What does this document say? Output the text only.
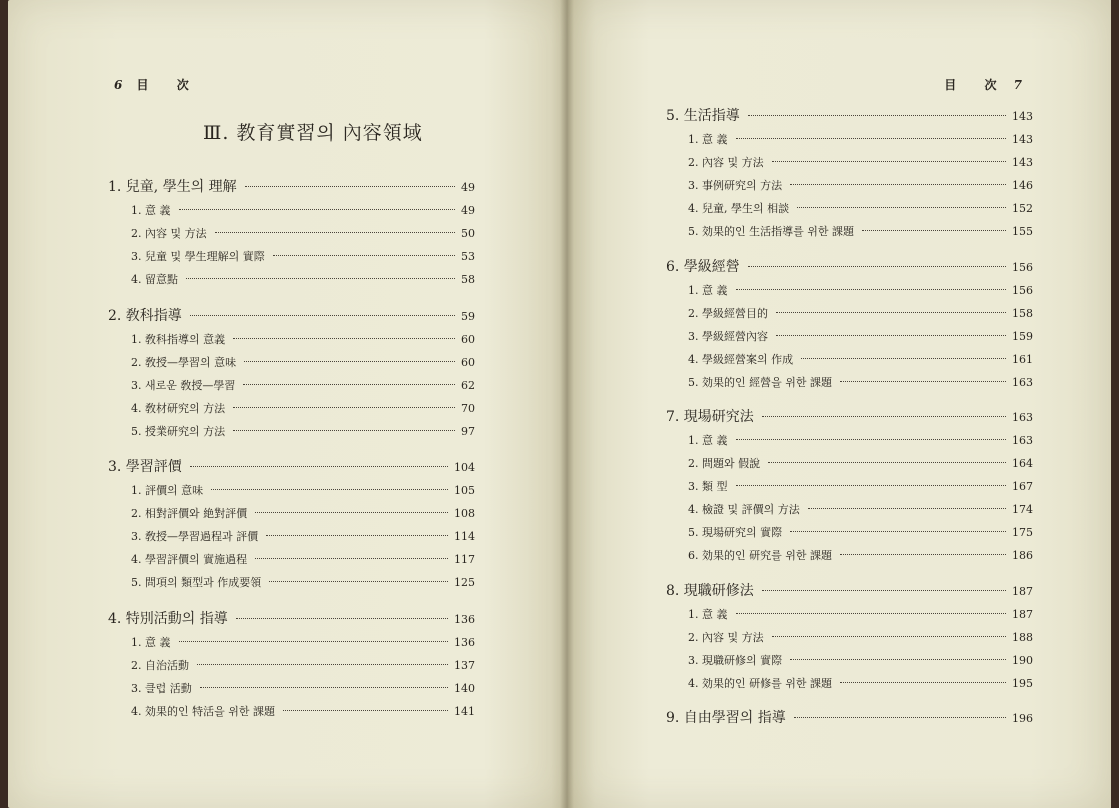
6 目 次
Ⅲ. 教育實習의 內容領域
1. 兒童, 學生의 理解	49
1. 意 義	49
2. 內容 및 方法	50
3. 兒童 및 學生理解의 實際	53
4. 留意點	58
2. 敎科指導	59
1. 敎科指導의 意義	60
2. 敎授—學習의 意味	60
3. 새로운 敎授—學習	62
4. 敎材研究의 方法	70
5. 授業研究의 方法	97
3. 學習評價	104
1. 評價의 意味	105
2. 相對評價와 絶對評價	108
3. 敎授—學習過程과 評價	114
4. 學習評價의 實施過程	117
5. 問項의 類型과 作成要領	125
4. 特別活動의 指導	136
1. 意 義	136
2. 自治活動	137
3. 클럽 活動	140
4. 効果的인 特活을 위한 課題	141
目 次 7
5. 生活指導	143
1. 意 義	143
2. 內容 및 方法	143
3. 事例研究의 方法	146
4. 兒童, 學生의 相談	152
5. 効果的인 生活指導를 위한 課題	155
6. 學級經營	156
1. 意 義	156
2. 學級經營目的	158
3. 學級經營內容	159
4. 學級經營案의 作成	161
5. 効果的인 經營을 위한 課題	163
7. 現場研究法	163
1. 意 義	163
2. 問題와 假說	164
3. 類 型	167
4. 檢證 및 評價의 方法	174
5. 現場研究의 實際	175
6. 効果的인 研究를 위한 課題	186
8. 現職研修法	187
1. 意 義	187
2. 內容 및 方法	188
3. 現職研修의 實際	190
4. 効果的인 研修를 위한 課題	195
9. 自由學習의 指導	196
